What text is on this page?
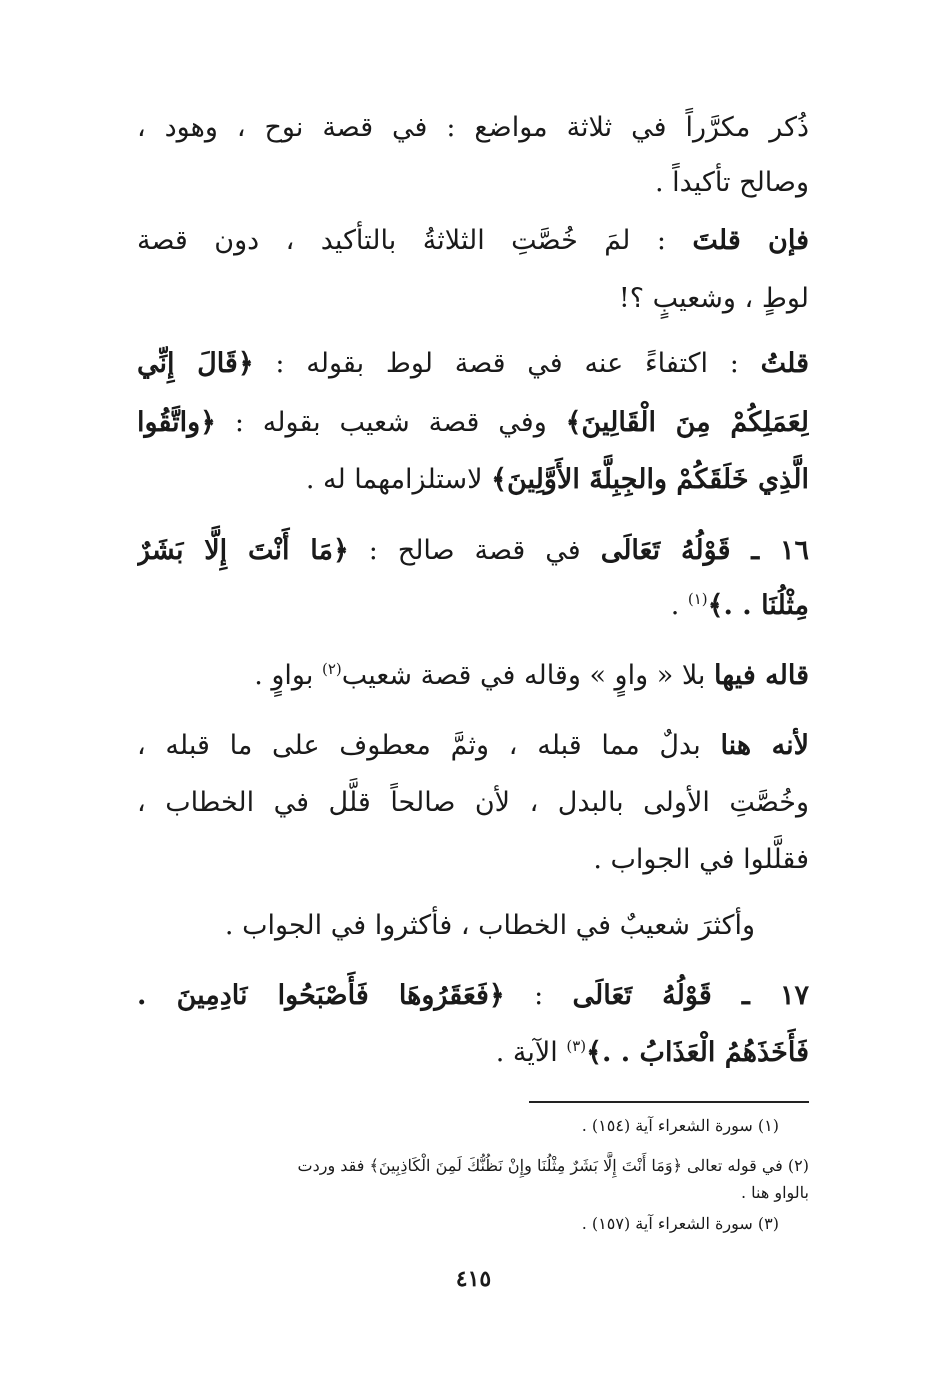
ذُكر مكرَّراً في ثلاثة مواضع : في قصة نوح ، وهود ،
وصالح تأكيداً .
فإن قلتَ : لمَ خُصَّتِ الثلاثةُ بالتأكيد ، دون قصة
لوطٍ ، وشعيبٍ ؟!
قلتُ : اكتفاءً عنه في قصة لوط بقوله : ﴿قَالَ إِنِّي
لِعَمَلِكُمْ مِنَ الْقَالِينَ﴾ وفي قصة شعيب بقوله : ﴿واتَّقُوا
الَّذِي خَلَقَكُمْ والجِبِلَّةَ الأَوَّلِينَ﴾ لاستلزامهما له .
١٦ ـ قَوْلُهُ تَعَالَى في قصة صالح : ﴿مَا أَنْتَ إِلَّا بَشَرٌ
مِثْلُنَا . .﴾$^{(١)}$ .
قاله فيها بلا « واوٍ » وقاله في قصة شعيب$^{(٢)}$ بواوٍ .
لأنه هنا بدلٌ مما قبله ، وثمَّ معطوف على ما قبله ،
وخُصَّتِ الأولى بالبدل ، لأن صالحاً قلَّل في الخطاب ،
فقلَّلوا في الجواب .
وأكثرَ شعيبٌ في الخطاب ، فأكثروا في الجواب .
١٧ ـ قَوْلُهُ تَعَالَى : ﴿فَعَقَرُوهَا فَأَصْبَحُوا نَادِمِينَ .
فَأَخَذَهُمُ الْعَذَابُ . .﴾$^{(٣)}$ الآية .
(١) سورة الشعراء آية (١٥٤) .
(٢) في قوله تعالى ﴿وَمَا أَنْتَ إِلَّا بَشَرٌ مِثْلُنَا وإِنْ نَظُنُّكَ لَمِنَ الْكَاذِبِينَ﴾ فقد وردت
بالواو هنا .
(٣) سورة الشعراء آية (١٥٧) .
٤١٥
